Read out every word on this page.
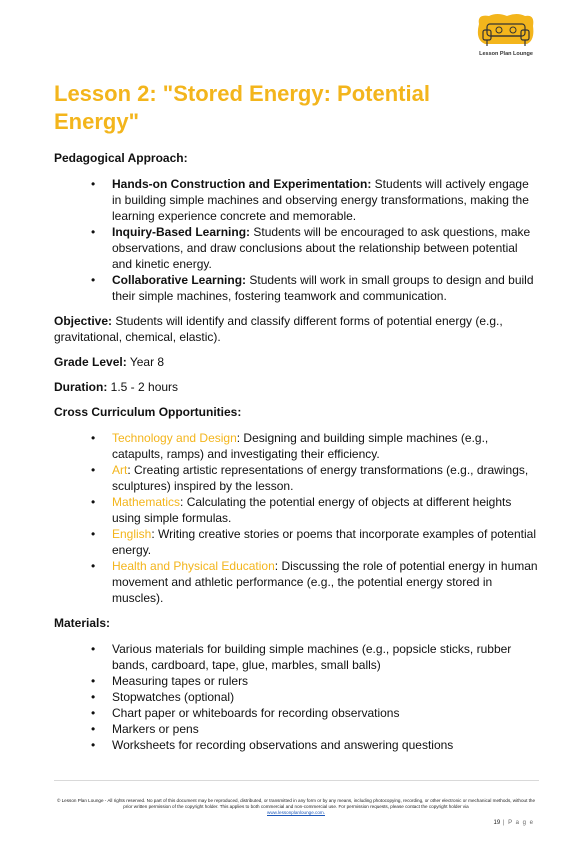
Lesson Plan Lounge
Lesson 2: "Stored Energy: Potential Energy"
Pedagogical Approach:
• Hands-on Construction and Experimentation: Students will actively engage in building simple machines and observing energy transformations, making the learning experience concrete and memorable.
• Inquiry-Based Learning: Students will be encouraged to ask questions, make observations, and draw conclusions about the relationship between potential and kinetic energy.
• Collaborative Learning: Students will work in small groups to design and build their simple machines, fostering teamwork and communication.
Objective: Students will identify and classify different forms of potential energy (e.g., gravitational, chemical, elastic).
Grade Level: Year 8
Duration: 1.5 - 2 hours
Cross Curriculum Opportunities:
• Technology and Design: Designing and building simple machines (e.g., catapults, ramps) and investigating their efficiency.
• Art: Creating artistic representations of energy transformations (e.g., drawings, sculptures) inspired by the lesson.
• Mathematics: Calculating the potential energy of objects at different heights using simple formulas.
• English: Writing creative stories or poems that incorporate examples of potential energy.
• Health and Physical Education: Discussing the role of potential energy in human movement and athletic performance (e.g., the potential energy stored in muscles).
Materials:
• Various materials for building simple machines (e.g., popsicle sticks, rubber bands, cardboard, tape, glue, marbles, small balls)
• Measuring tapes or rulers
• Stopwatches (optional)
• Chart paper or whiteboards for recording observations
• Markers or pens
• Worksheets for recording observations and answering questions
© Lesson Plan Lounge - All rights reserved. No part of this document may be reproduced, distributed, or transmitted in any form or by any means, including photocopying, recording, or other electronic or mechanical methods, without the prior written permission of the copyright holder. This applies to both commercial and non-commercial use. For permission requests, please contact the copyright holder via
www.lessonplanlounge.com.
19 | P a g e
